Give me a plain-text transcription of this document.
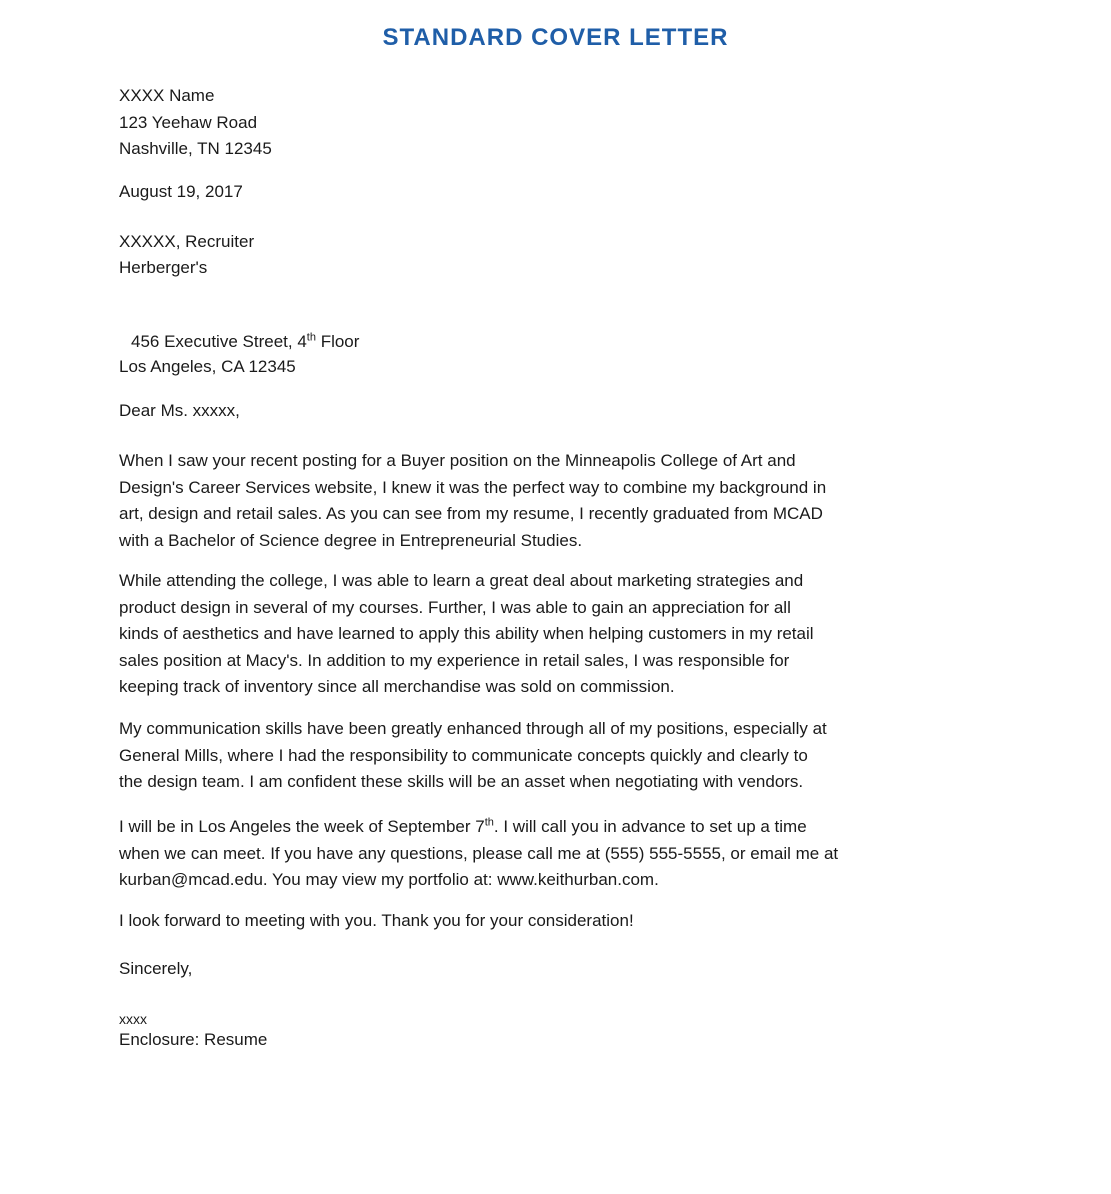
STANDARD COVER LETTER
XXXX Name
123 Yeehaw Road
Nashville, TN 12345
August 19, 2017
XXXXX, Recruiter
Herberger's
456 Executive Street, 4th Floor
Los Angeles, CA 12345
Dear Ms. xxxxx,
When I saw your recent posting for a Buyer position on the Minneapolis College of Art and
Design's Career Services website, I knew it was the perfect way to combine my background in
art, design and retail sales. As you can see from my resume, I recently graduated from MCAD
with a Bachelor of Science degree in Entrepreneurial Studies.
While attending the college, I was able to learn a great deal about marketing strategies and
product design in several of my courses. Further, I was able to gain an appreciation for all
kinds of aesthetics and have learned to apply this ability when helping customers in my retail
sales position at Macy's. In addition to my experience in retail sales, I was responsible for
keeping track of inventory since all merchandise was sold on commission.
My communication skills have been greatly enhanced through all of my positions, especially at
General Mills, where I had the responsibility to communicate concepts quickly and clearly to
the design team. I am confident these skills will be an asset when negotiating with vendors.
I will be in Los Angeles the week of September 7th. I will call you in advance to set up a time
when we can meet. If you have any questions, please call me at (555) 555-5555, or email me at
kurban@mcad.edu. You may view my portfolio at: www.keithurban.com.
I look forward to meeting with you. Thank you for your consideration!
Sincerely,
xxxx
Enclosure: Resume
